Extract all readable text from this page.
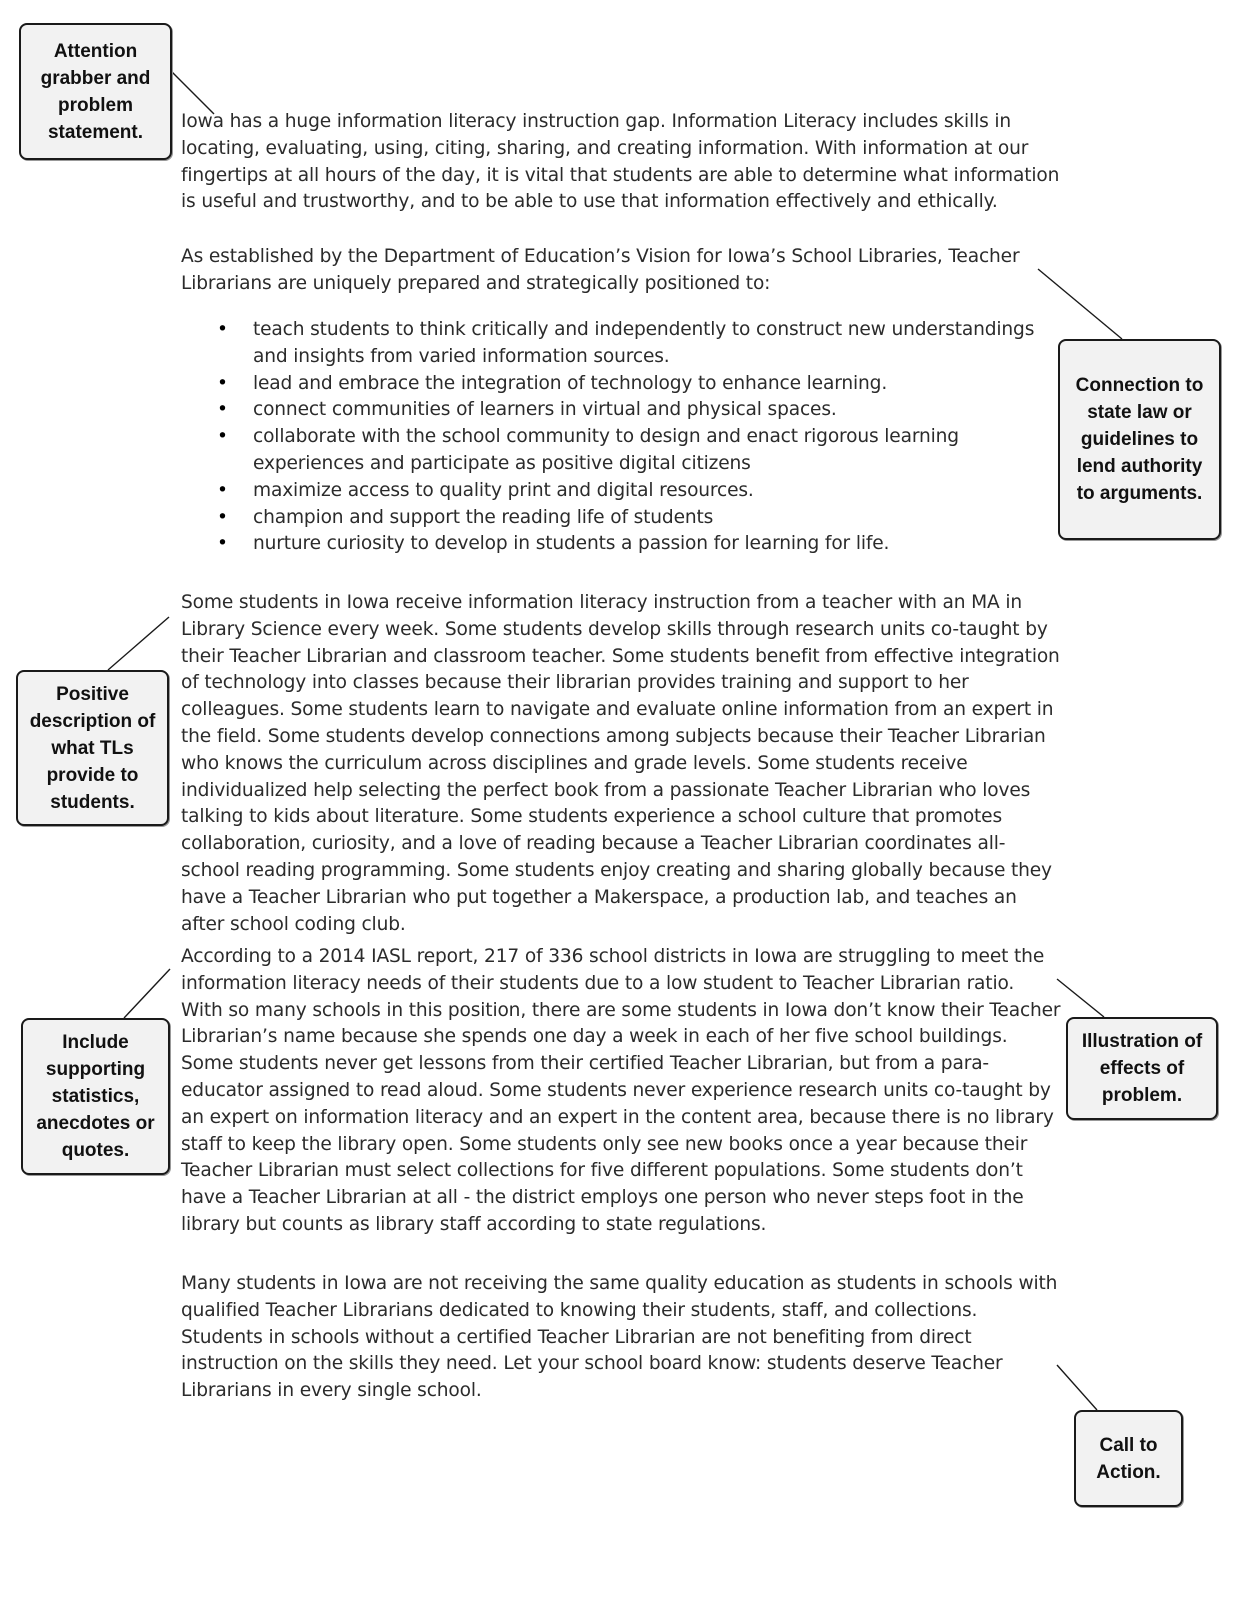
Iowa has a huge information literacy instruction gap. Information Literacy includes skills in locating, evaluating, using, citing, sharing, and creating information. With information at our fingertips at all hours of the day, it is vital that students are able to determine what information is useful and trustworthy, and to be able to use that information effectively and ethically.

As established by the Department of Education’s Vision for Iowa’s School Libraries, Teacher Librarians are uniquely prepared and strategically positioned to:

• teach students to think critically and independently to construct new understandings and insights from varied information sources.
• lead and embrace the integration of technology to enhance learning.
• connect communities of learners in virtual and physical spaces.
• collaborate with the school community to design and enact rigorous learning experiences and participate as positive digital citizens
• maximize access to quality print and digital resources.
• champion and support the reading life of students
• nurture curiosity to develop in students a passion for learning for life.

Some students in Iowa receive information literacy instruction from a teacher with an MA in Library Science every week. Some students develop skills through research units co-taught by their Teacher Librarian and classroom teacher. Some students benefit from effective integration of technology into classes because their librarian provides training and support to her colleagues. Some students learn to navigate and evaluate online information from an expert in the field. Some students develop connections among subjects because their Teacher Librarian who knows the curriculum across disciplines and grade levels. Some students receive individualized help selecting the perfect book from a passionate Teacher Librarian who loves talking to kids about literature. Some students experience a school culture that promotes collaboration, curiosity, and a love of reading because a Teacher Librarian coordinates all-school reading programming. Some students enjoy creating and sharing globally because they have a Teacher Librarian who put together a Makerspace, a production lab, and teaches an after school coding club.

According to a 2014 IASL report, 217 of 336 school districts in Iowa are struggling to meet the information literacy needs of their students due to a low student to Teacher Librarian ratio. With so many schools in this position, there are some students in Iowa don’t know their Teacher Librarian’s name because she spends one day a week in each of her five school buildings. Some students never get lessons from their certified Teacher Librarian, but from a para-educator assigned to read aloud. Some students never experience research units co-taught by an expert on information literacy and an expert in the content area, because there is no library staff to keep the library open. Some students only see new books once a year because their Teacher Librarian must select collections for five different populations. Some students don’t have a Teacher Librarian at all - the district employs one person who never steps foot in the library but counts as library staff according to state regulations.

Many students in Iowa are not receiving the same quality education as students in schools with qualified Teacher Librarians dedicated to knowing their students, staff, and collections. Students in schools without a certified Teacher Librarian are not benefiting from direct instruction on the skills they need. Let your school board know: students deserve Teacher Librarians in every single school.

Attention grabber and problem statement.
Connection to state law or guidelines to lend authority to arguments.
Positive description of what TLs provide to students.
Include supporting statistics, anecdotes or quotes.
Illustration of effects of problem.
Call to Action.
